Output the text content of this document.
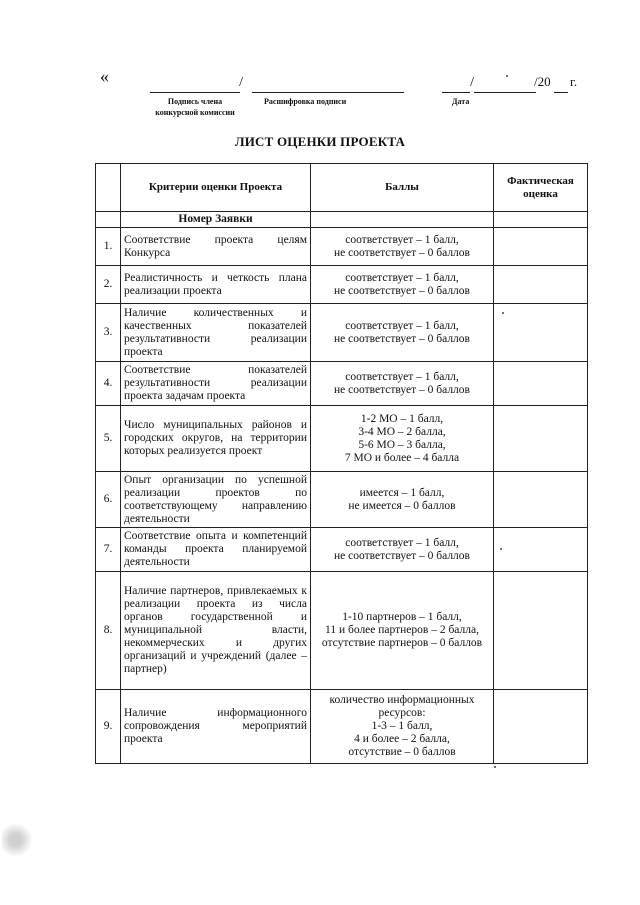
«	/	/	/20 г.
Подпись члена
конкурсной комиссии
Расшифровка подписи	Дата
ЛИСТ ОЦЕНКИ ПРОЕКТА
	Критерии оценки Проекта	Баллы	Фактическая оценка
	Номер Заявки		
1.	Соответствие проекта целям Конкурса	соответствует – 1 балл,
не соответствует – 0 баллов	
2.	Реалистичность и четкость плана реализации проекта	соответствует – 1 балл,
не соответствует – 0 баллов	
3.	Наличие количественных и качественных показателей результативности реализации проекта	соответствует – 1 балл,
не соответствует – 0 баллов	
4.	Соответствие показателей результативности реализации проекта задачам проекта	соответствует – 1 балл,
не соответствует – 0 баллов	
5.	Число муниципальных районов и городских округов, на территории которых реализуется проект	1-2 МО – 1 балл,
3-4 МО – 2 балла,
5-6 МО – 3 балла,
7 МО и более – 4 балла	
6.	Опыт организации по успешной реализации проектов по соответствующему направлению деятельности	имеется – 1 балл,
не имеется – 0 баллов	
7.	Соответствие опыта и компетенций команды проекта планируемой деятельности	соответствует – 1 балл,
не соответствует – 0 баллов	
8.	Наличие партнеров, привлекаемых к реализации проекта из числа органов государственной и муниципальной власти, некоммерческих и других организаций и учреждений (далее – партнер)	1-10 партнеров – 1 балл,
11 и более партнеров – 2 балла,
отсутствие партнеров – 0 баллов	
9.	Наличие информационного сопровождения мероприятий проекта	количество информационных ресурсов:
1-3 – 1 балл,
4 и более – 2 балла,
отсутствие – 0 баллов	
